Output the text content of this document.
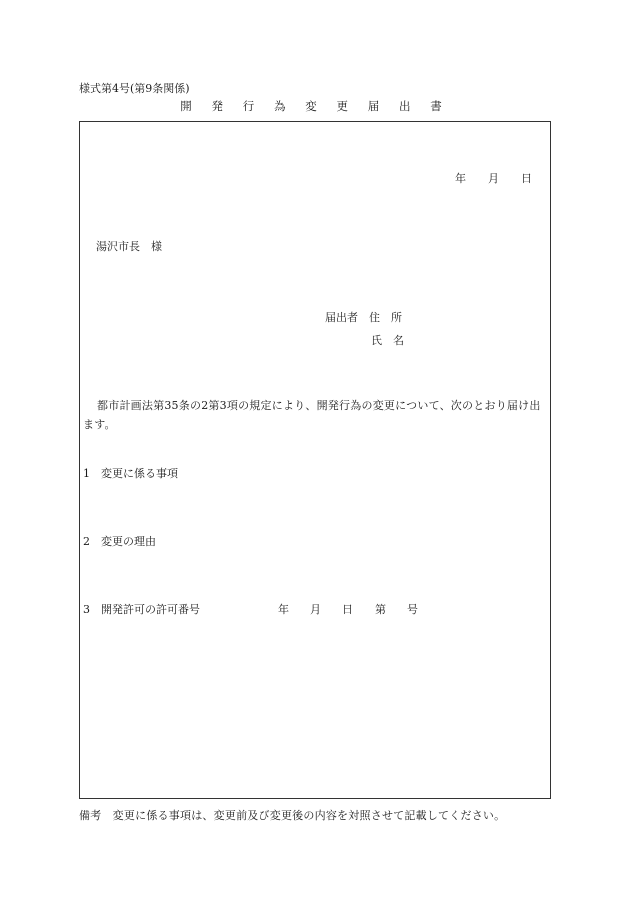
様式第4号(第9条関係)
開 発 行 為 変 更 届 出 書
年 月 日
湯沢市長　様
届出者　 住　所
氏　名
都市計画法第35条の2第3項の規定により、開発行為の変更について、次のとおり届け出ます。
1　変更に係る事項
2　変更の理由
3　開発許可の許可番号	年 月 日 第 号
備考　変更に係る事項は、変更前及び変更後の内容を対照させて記載してください。
